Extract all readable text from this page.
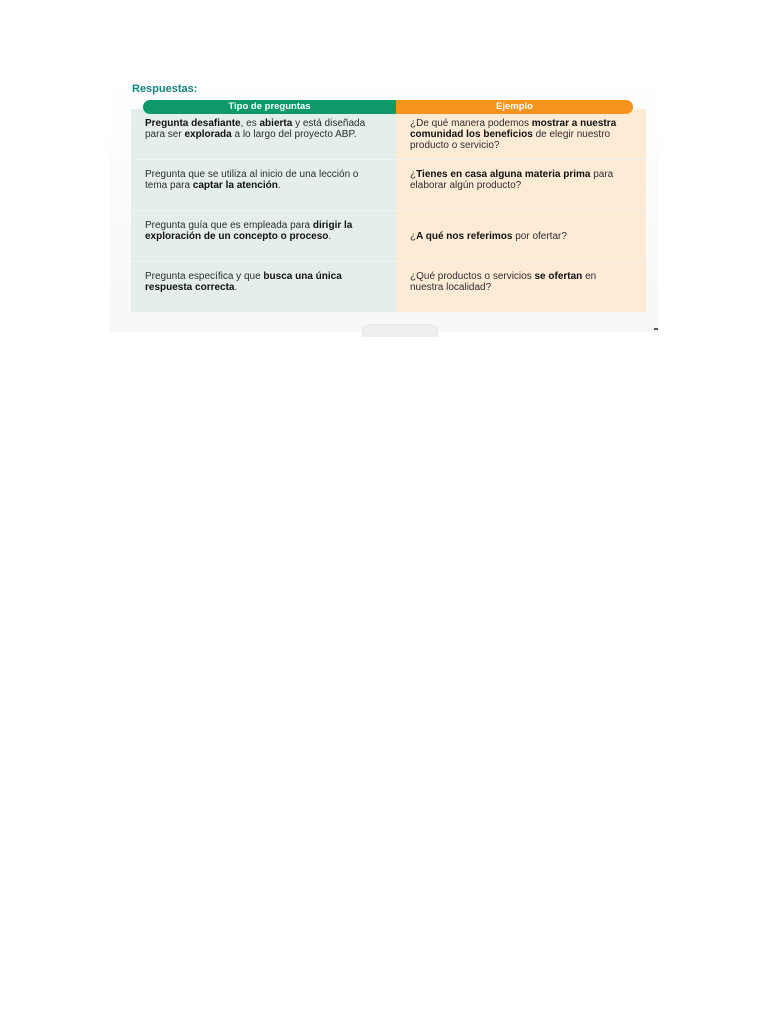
Respuestas:
Pregunta desafiante, es abierta y está diseñada para ser explorada a lo largo del proyecto ABP.
¿De qué manera podemos mostrar a nuestra comunidad los beneficios de elegir nuestro producto o servicio?
Pregunta que se utiliza al inicio de una lección o tema para captar la atención.
¿Tienes en casa alguna materia prima para elaborar algún producto?
Pregunta guía que es empleada para dirigir la exploración de un concepto o proceso.	¿A qué nos referimos por ofertar?
Pregunta específica y que busca una única respuesta correcta.
¿Qué productos o servicios se ofertan en nuestra localidad?
Tipo de preguntas	Ejemplo
